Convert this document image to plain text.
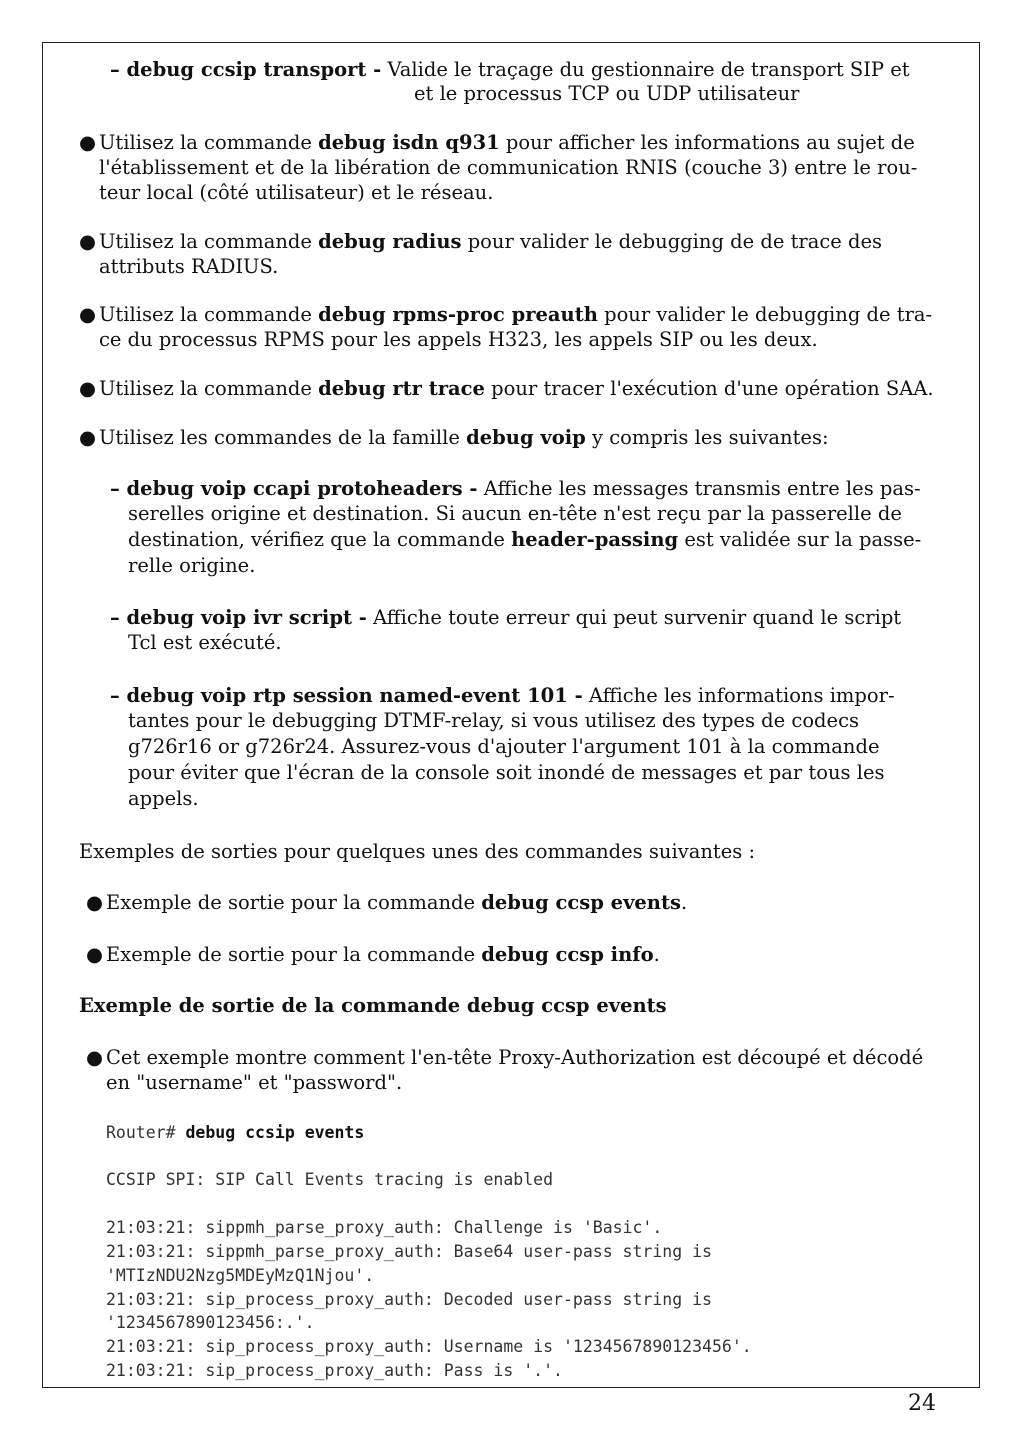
– debug ccsip transport - Valide le traçage du gestionnaire de transport SIP et
et le processus TCP ou UDP utilisateur
● Utilisez la commande debug isdn q931 pour afficher les informations au sujet de
l'établissement et de la libération de communication RNIS (couche 3) entre le rou-
teur local (côté utilisateur) et le réseau.
● Utilisez la commande debug radius pour valider le debugging de de trace des
attributs RADIUS.
● Utilisez la commande debug rpms-proc preauth pour valider le debugging de tra-
ce du processus RPMS pour les appels H323, les appels SIP ou les deux.
● Utilisez la commande debug rtr trace pour tracer l'exécution d'une opération SAA.
● Utilisez les commandes de la famille debug voip y compris les suivantes:
– debug voip ccapi protoheaders - Affiche les messages transmis entre les pas-
serelles origine et destination. Si aucun en-tête n'est reçu par la passerelle de
destination, vérifiez que la commande header-passing est validée sur la passe-
relle origine.
– debug voip ivr script - Affiche toute erreur qui peut survenir quand le script
Tcl est exécuté.
– debug voip rtp session named-event 101 - Affiche les informations impor-
tantes pour le debugging DTMF-relay, si vous utilisez des types de codecs
g726r16 or g726r24. Assurez-vous d'ajouter l'argument 101 à la commande
pour éviter que l'écran de la console soit inondé de messages et par tous les
appels.
Exemples de sorties pour quelques unes des commandes suivantes :
● Exemple de sortie pour la commande debug ccsp events.
● Exemple de sortie pour la commande debug ccsp info.
Exemple de sortie de la commande debug ccsp events
● Cet exemple montre comment l'en-tête Proxy-Authorization est découpé et décodé
en "username" et "password".
Router# debug ccsip events
CCSIP SPI: SIP Call Events tracing is enabled
21:03:21: sippmh_parse_proxy_auth: Challenge is 'Basic'.
21:03:21: sippmh_parse_proxy_auth: Base64 user-pass string is
'MTIzNDU2Nzg5MDEyMzQ1Njou'.
21:03:21: sip_process_proxy_auth: Decoded user-pass string is
'1234567890123456:.'.
21:03:21: sip_process_proxy_auth: Username is '1234567890123456'.
21:03:21: sip_process_proxy_auth: Pass is '.'.
24
